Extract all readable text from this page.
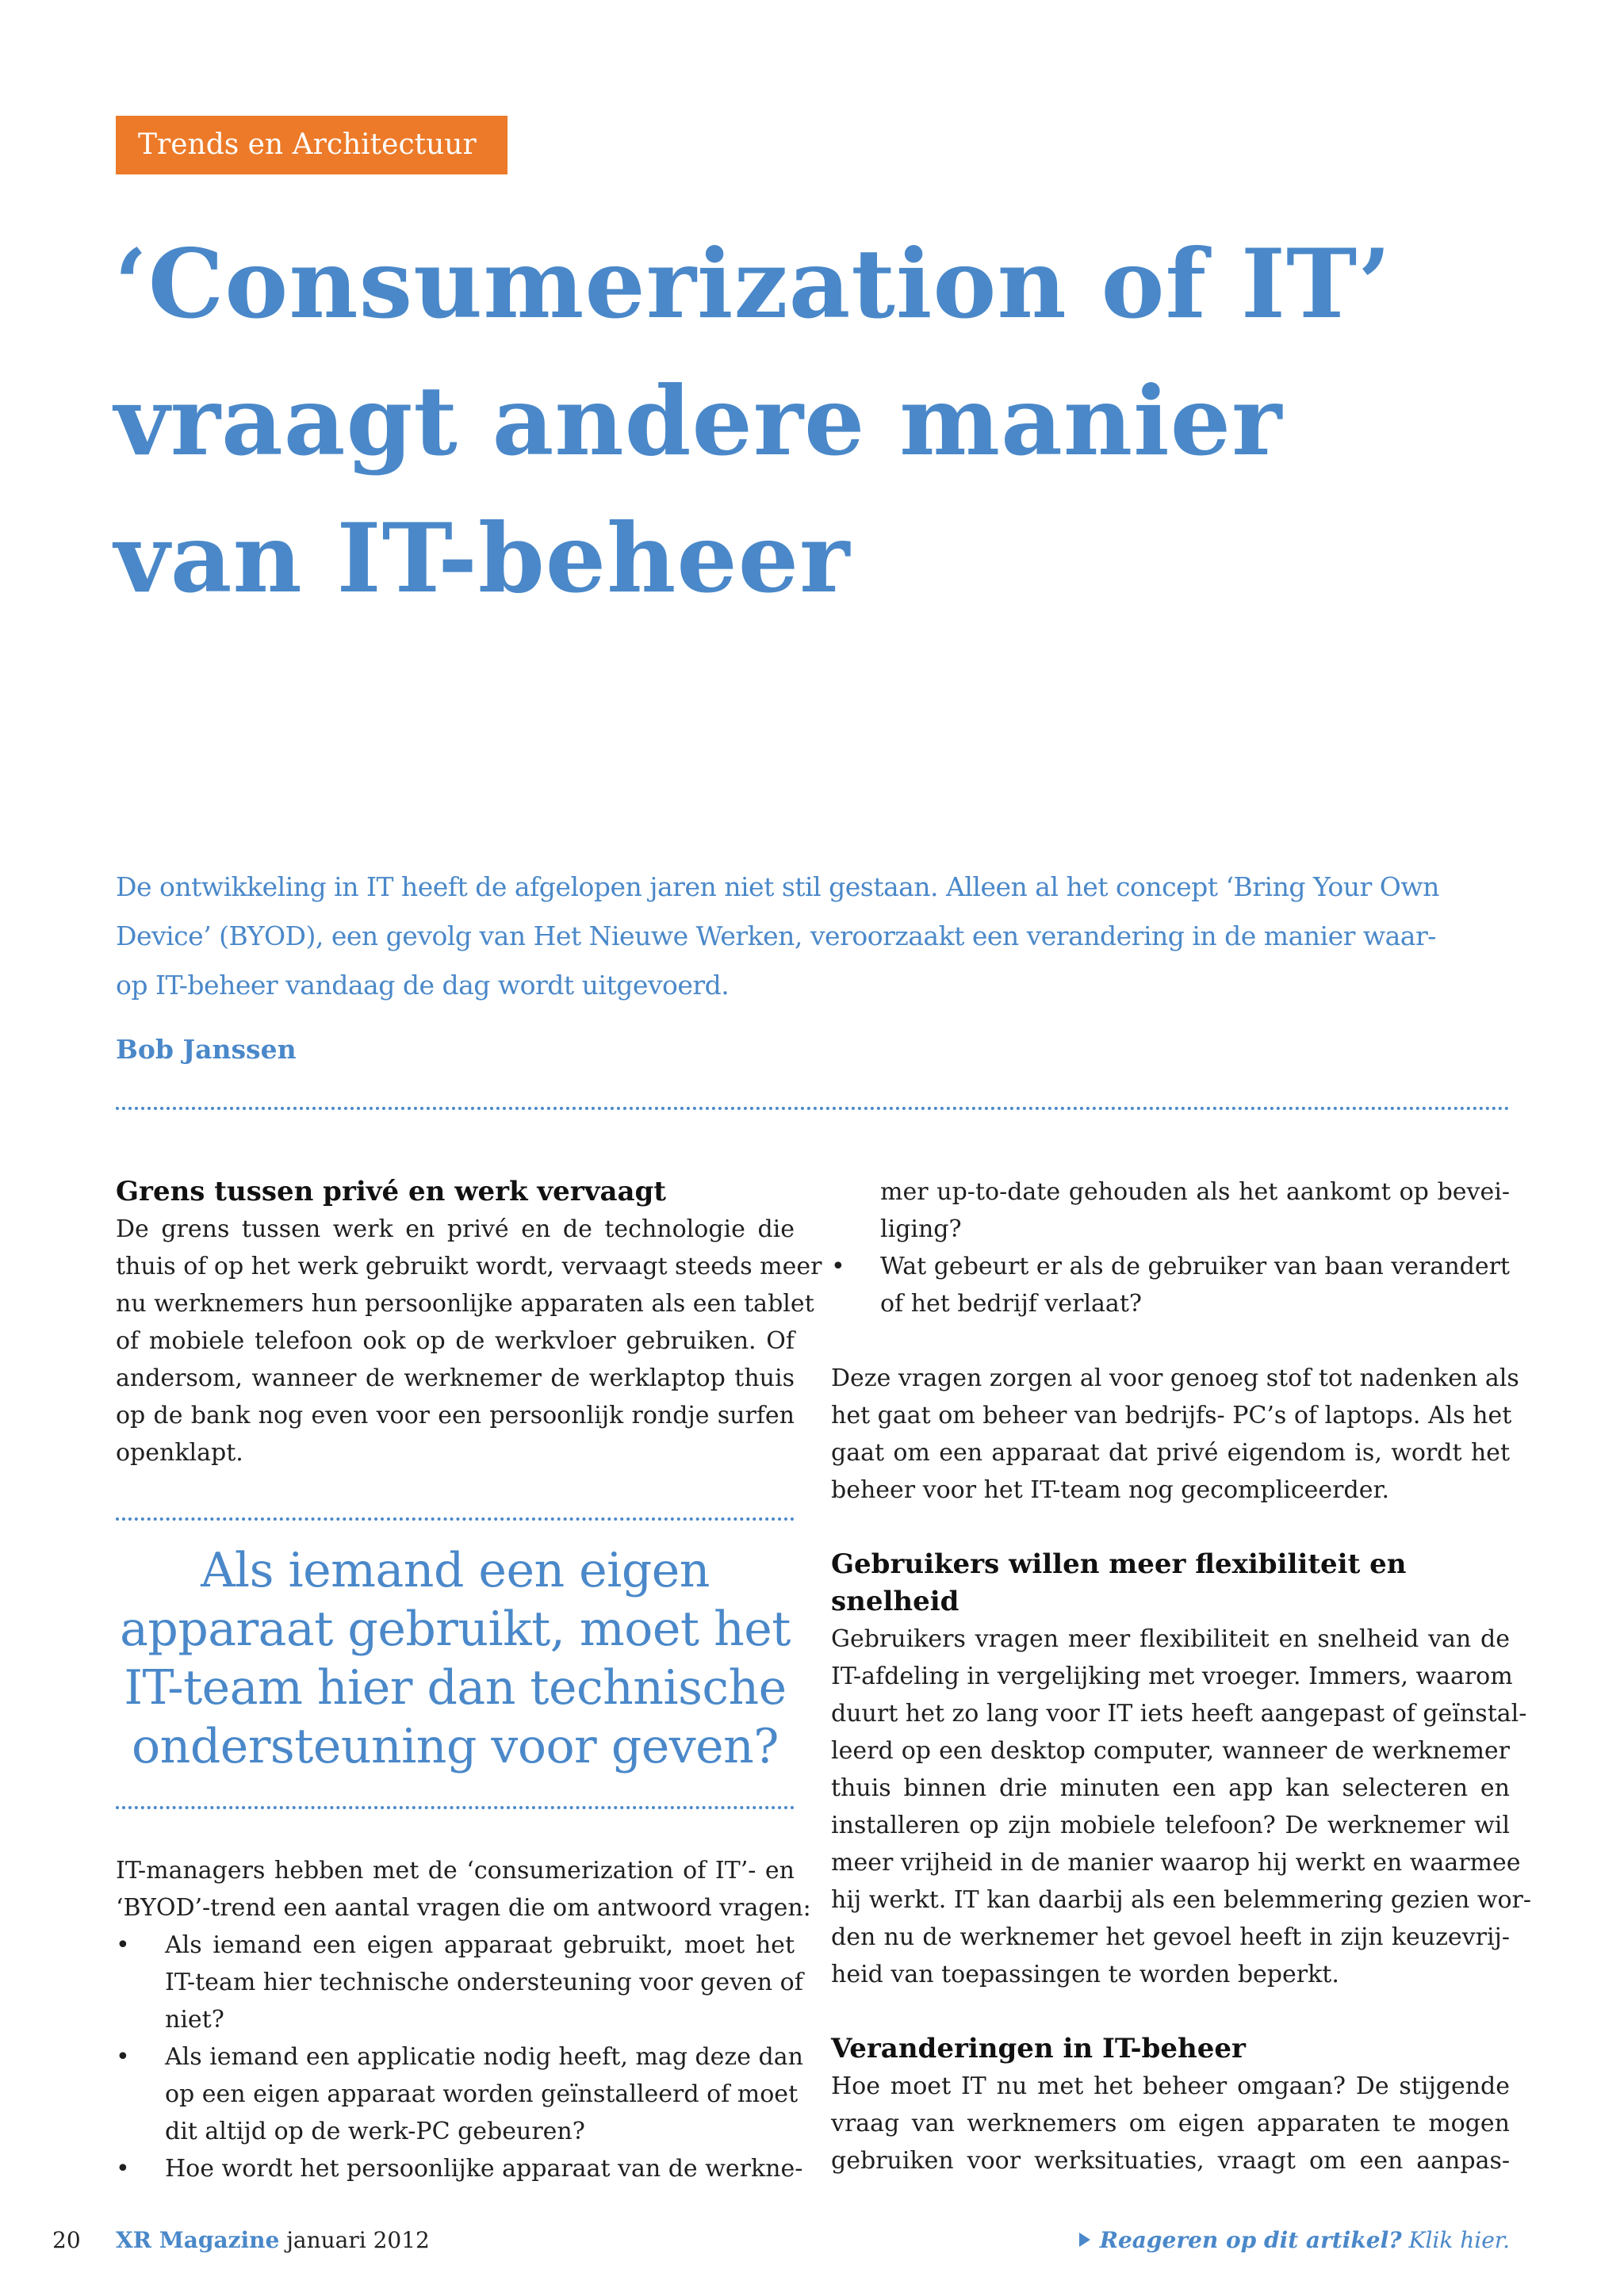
Trends en Architectuur
‘Consumerization of IT’
vraagt andere manier
van IT-beheer

De ontwikkeling in IT heeft de afgelopen jaren niet stil gestaan. Alleen al het concept ‘Bring Your Own
Device’ (BYOD), een gevolg van Het Nieuwe Werken, veroorzaakt een verandering in de manier waar-
op IT-beheer vandaag de dag wordt uitgevoerd.

Bob Janssen

Grens tussen privé en werk vervaagt

De grens tussen werk en privé en de technologie die
thuis of op het werk gebruikt wordt, vervaagt steeds meer
nu werknemers hun persoonlijke apparaten als een tablet
of mobiele telefoon ook op de werkvloer gebruiken. Of
andersom, wanneer de werknemer de werklaptop thuis
op de bank nog even voor een persoonlijk rondje surfen
openklapt.

Als iemand een eigen
apparaat gebruikt, moet het
IT-team hier dan technische
ondersteuning voor geven?

IT-managers hebben met de ‘consumerization of IT’- en
‘BYOD’-trend een aantal vragen die om antwoord vragen:

• Als iemand een eigen apparaat gebruikt, moet het
IT-team hier technische ondersteuning voor geven of
niet?
• Als iemand een applicatie nodig heeft, mag deze dan
op een eigen apparaat worden geïnstalleerd of moet
dit altijd op de werk-PC gebeuren?
• Hoe wordt het persoonlijke apparaat van de werkne-
mer up-to-date gehouden als het aankomt op bevei-
liging?
• Wat gebeurt er als de gebruiker van baan verandert
of het bedrijf verlaat?

Deze vragen zorgen al voor genoeg stof tot nadenken als
het gaat om beheer van bedrijfs- PC’s of laptops. Als het
gaat om een apparaat dat privé eigendom is, wordt het
beheer voor het IT-team nog gecompliceerder.

Gebruikers willen meer flexibiliteit en
snelheid

Gebruikers vragen meer flexibiliteit en snelheid van de
IT-afdeling in vergelijking met vroeger. Immers, waarom
duurt het zo lang voor IT iets heeft aangepast of geïnstal-
leerd op een desktop computer, wanneer de werknemer
thuis binnen drie minuten een app kan selecteren en
installeren op zijn mobiele telefoon? De werknemer wil
meer vrijheid in de manier waarop hij werkt en waarmee
hij werkt. IT kan daarbij als een belemmering gezien wor-
den nu de werknemer het gevoel heeft in zijn keuzevrij-
heid van toepassingen te worden beperkt.

Veranderingen in IT-beheer

Hoe moet IT nu met het beheer omgaan? De stijgende
vraag van werknemers om eigen apparaten te mogen
gebruiken voor werksituaties, vraagt om een aanpas-

20 XR Magazine januari 2012	Reageren op dit artikel? Klik hier.
